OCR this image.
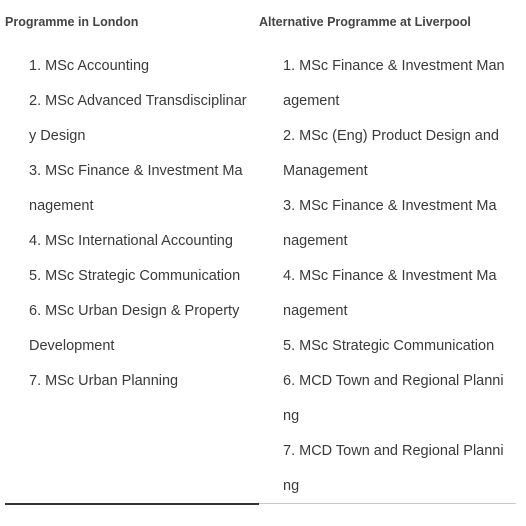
Programme in London	Alternative Programme at Liverpool
1. MSc Accounting
2. MSc Advanced Transdisciplinar
y Design
3. MSc Finance & Investment Ma
nagement
4. MSc International Accounting
5. MSc Strategic Communication
6. MSc Urban Design & Property
Development
7. MSc Urban Planning
1. MSc Finance & Investment Man
agement
2. MSc (Eng) Product Design and
Management
3. MSc Finance & Investment Ma
nagement
4. MSc Finance & Investment Ma
nagement
5. MSc Strategic Communication
6. MCD Town and Regional Planni
ng
7. MCD Town and Regional Planni
ng
